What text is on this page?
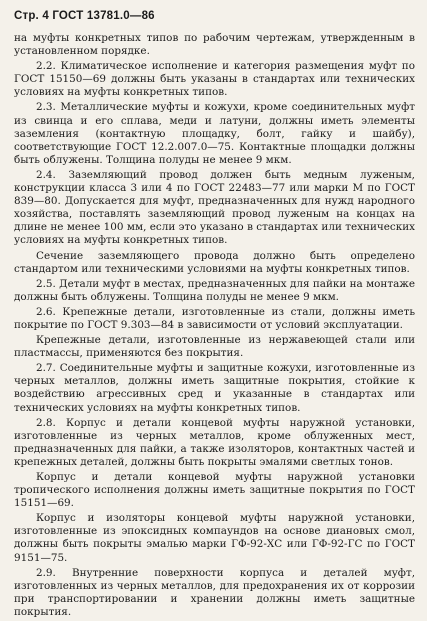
Стр. 4 ГОСТ 13781.0—86

на муфты конкретных типов по рабочим чертежам, утвержденным в установленном порядке.

2.2. Климатическое исполнение и категория размещения муфт по ГОСТ 15150—69 должны быть указаны в стандартах или технических условиях на муфты конкретных типов.

2.3. Металлические муфты и кожухи, кроме соединительных муфт из свинца и его сплава, меди и латуни, должны иметь элементы заземления (контактную площадку, болт, гайку и шайбу), соответствующие ГОСТ 12.2.007.0—75. Контактные площадки должны быть облужены. Толщина полуды не менее 9 мкм.

2.4. Заземляющий провод должен быть медным луженым, конструкции класса 3 или 4 по ГОСТ 22483—77 или марки М по ГОСТ 839—80. Допускается для муфт, предназначенных для нужд народного хозяйства, поставлять заземляющий провод луженым на концах на длине не менее 100 мм, если это указано в стандартах или технических условиях на муфты конкретных типов.

Сечение заземляющего провода должно быть определено стандартом или техническими условиями на муфты конкретных типов.

2.5. Детали муфт в местах, предназначенных для пайки на монтаже должны быть облужены. Толщина полуды не менее 9 мкм.

2.6. Крепежные детали, изготовленные из стали, должны иметь покрытие по ГОСТ 9.303—84 в зависимости от условий эксплуатации.

Крепежные детали, изготовленные из нержавеющей стали или пластмассы, применяются без покрытия.

2.7. Соединительные муфты и защитные кожухи, изготовленные из черных металлов, должны иметь защитные покрытия, стойкие к воздействию агрессивных сред и указанные в стандартах или технических условиях на муфты конкретных типов.

2.8. Корпус и детали концевой муфты наружной установки, изготовленные из черных металлов, кроме облуженных мест, предназначенных для пайки, а также изоляторов, контактных частей и крепежных деталей, должны быть покрыты эмалями светлых тонов.

Корпус и детали концевой муфты наружной установки тропического исполнения должны иметь защитные покрытия по ГОСТ 15151—69.

Корпус и изоляторы концевой муфты наружной установки, изготовленные из эпоксидных компаундов на основе диановых смол, должны быть покрыты эмалью марки ГФ-92-ХС или ГФ-92-ГС по ГОСТ 9151—75.

2.9. Внутренние поверхности корпуса и деталей муфт, изготовленных из черных металлов, для предохранения их от коррозии при транспортировании и хранении должны иметь защитные покрытия.
